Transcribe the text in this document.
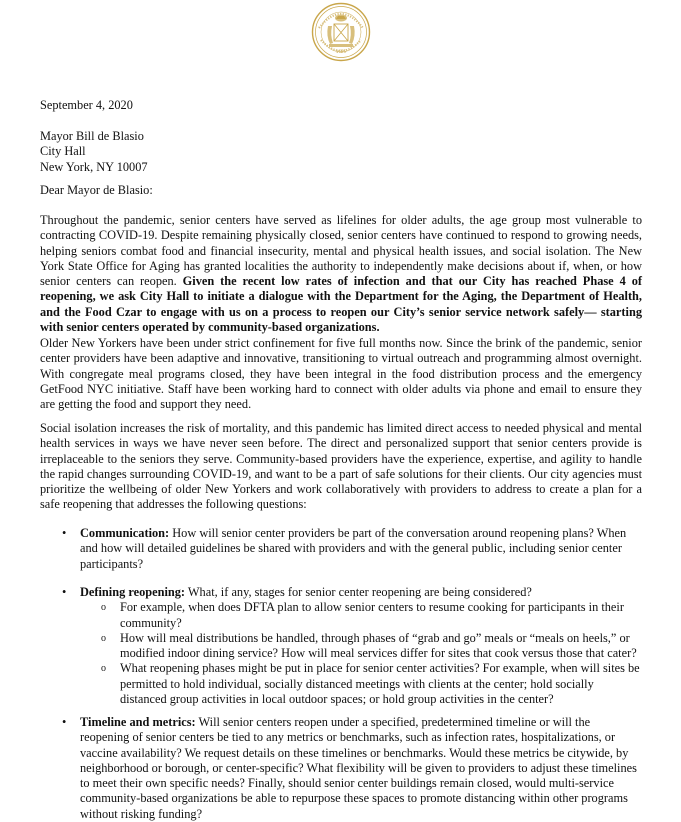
1625
September 4, 2020
Mayor Bill de Blasio
City Hall
New York, NY 10007
Dear Mayor de Blasio:
Throughout the pandemic, senior centers have served as lifelines for older adults, the age group most vulnerable to contracting COVID-19. Despite remaining physically closed, senior centers have continued to respond to growing needs, helping seniors combat food and financial insecurity, mental and physical health issues, and social isolation. The New York State Office for Aging has granted localities the authority to independently make decisions about if, when, or how senior centers can reopen. Given the recent low rates of infection and that our City has reached Phase 4 of reopening, we ask City Hall to initiate a dialogue with the Department for the Aging, the Department of Health, and the Food Czar to engage with us on a process to reopen our City’s senior service network safely— starting with senior centers operated by community-based organizations.
Older New Yorkers have been under strict confinement for five full months now. Since the brink of the pandemic, senior center providers have been adaptive and innovative, transitioning to virtual outreach and programming almost overnight. With congregate meal programs closed, they have been integral in the food distribution process and the emergency GetFood NYC initiative. Staff have been working hard to connect with older adults via phone and email to ensure they are getting the food and support they need.
Social isolation increases the risk of mortality, and this pandemic has limited direct access to needed physical and mental health services in ways we have never seen before. The direct and personalized support that senior centers provide is irreplaceable to the seniors they serve. Community-based providers have the experience, expertise, and agility to handle the rapid changes surrounding COVID-19, and want to be a part of safe solutions for their clients. Our city agencies must prioritize the wellbeing of older New Yorkers and work collaboratively with providers to address to create a plan for a safe reopening that addresses the following questions:
• Communication: How will senior center providers be part of the conversation around reopening plans? When and how will detailed guidelines be shared with providers and with the general public, including senior center participants?
• Defining reopening: What, if any, stages for senior center reopening are being considered?
o For example, when does DFTA plan to allow senior centers to resume cooking for participants in their community?
o How will meal distributions be handled, through phases of “grab and go” meals or “meals on heels,” or modified indoor dining service? How will meal services differ for sites that cook versus those that cater?
o What reopening phases might be put in place for senior center activities? For example, when will sites be permitted to hold individual, socially distanced meetings with clients at the center; hold socially distanced group activities in local outdoor spaces; or hold group activities in the center?
• Timeline and metrics: Will senior centers reopen under a specified, predetermined timeline or will the reopening of senior centers be tied to any metrics or benchmarks, such as infection rates, hospitalizations, or vaccine availability? We request details on these timelines or benchmarks. Would these metrics be citywide, by neighborhood or borough, or center-specific? What flexibility will be given to providers to adjust these timelines to meet their own specific needs? Finally, should senior center buildings remain closed, would multi-service community-based organizations be able to repurpose these spaces to promote distancing within other programs without risking funding?
